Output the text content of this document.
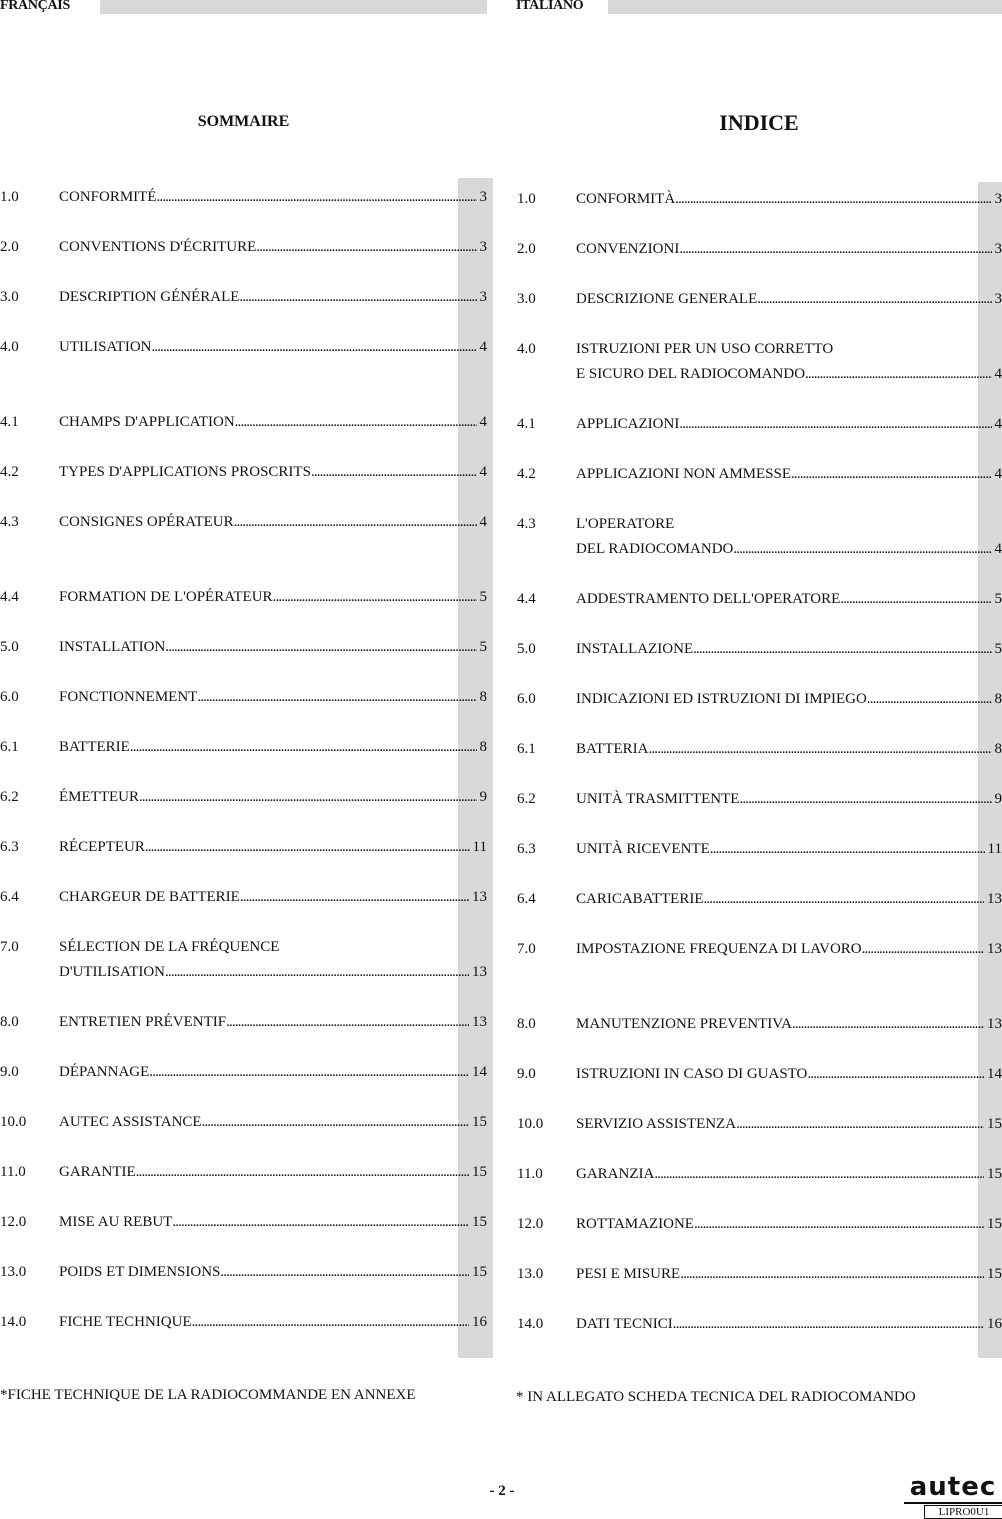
FRANÇAIS	ITALIANO
SOMMAIRE	INDICE
1.0	CONFORMITÉ . . .	3
2.0	CONVENTIONS D'ÉCRITURE . . .	3
3.0	DESCRIPTION GÉNÉRALE . . .	3
4.0	UTILISATION . . .	4
4.1	CHAMPS D'APPLICATION . . .	4
4.2	TYPES D'APPLICATIONS PROSCRITS . . .	4
4.3	CONSIGNES OPÉRATEUR . . .	4
4.4	FORMATION DE L'OPÉRATEUR . . .	5
5.0	INSTALLATION . . .	5
6.0	FONCTIONNEMENT . . .	8
6.1	BATTERIE . . .	8
6.2	ÉMETTEUR . . .	9
6.3	RÉCEPTEUR . . .	11
6.4	CHARGEUR DE BATTERIE . . .	13
7.0	SÉLECTION DE LA FRÉQUENCE
D'UTILISATION . . .	13
8.0	ENTRETIEN PRÉVENTIF . . .	13
9.0	DÉPANNAGE . . .	14
10.0 AUTEC ASSISTANCE . . .	15
11.0 GARANTIE . . .	15
12.0 MISE AU REBUT . . .	15
13.0 POIDS ET DIMENSIONS . . .	15
14.0 FICHE TECHNIQUE . . .	16
1.0	CONFORMITÀ . . .	3
2.0	CONVENZIONI . . .	3
3.0	DESCRIZIONE GENERALE . . .	3
4.0	ISTRUZIONI PER UN USO CORRETTO
E SICURO DEL RADIOCOMANDO . . .	4
4.1	APPLICAZIONI . . .	4
4.2	APPLICAZIONI NON AMMESSE . . .	4
4.3	L'OPERATORE
DEL RADIOCOMANDO . . .	4
4.4	ADDESTRAMENTO DELL'OPERATORE . . .	5
5.0	INSTALLAZIONE . . .	5
6.0	INDICAZIONI ED ISTRUZIONI DI IMPIEGO . . .	8
6.1	BATTERIA . . .	8
6.2	UNITÀ TRASMITTENTE . . .	9
6.3	UNITÀ RICEVENTE . . .	11
6.4	CARICABATTERIE . . .	13
7.0	IMPOSTAZIONE FREQUENZA DI LAVORO . . .	13
8.0	MANUTENZIONE PREVENTIVA . . .	13
9.0	ISTRUZIONI IN CASO DI GUASTO . . .	14
10.0 SERVIZIO ASSISTENZA . . .	15
11.0 GARANZIA . . .	15
12.0 ROTTAMAZIONE . . .	15
13.0 PESI E MISURE . . .	15
14.0 DATI TECNICI . . .	16
*FICHE TECHNIQUE DE LA RADIOCOMMANDE EN ANNEXE	* IN ALLEGATO SCHEDA TECNICA DEL RADIOCOMANDO
- 2 -	autec
LIPRO0U1
